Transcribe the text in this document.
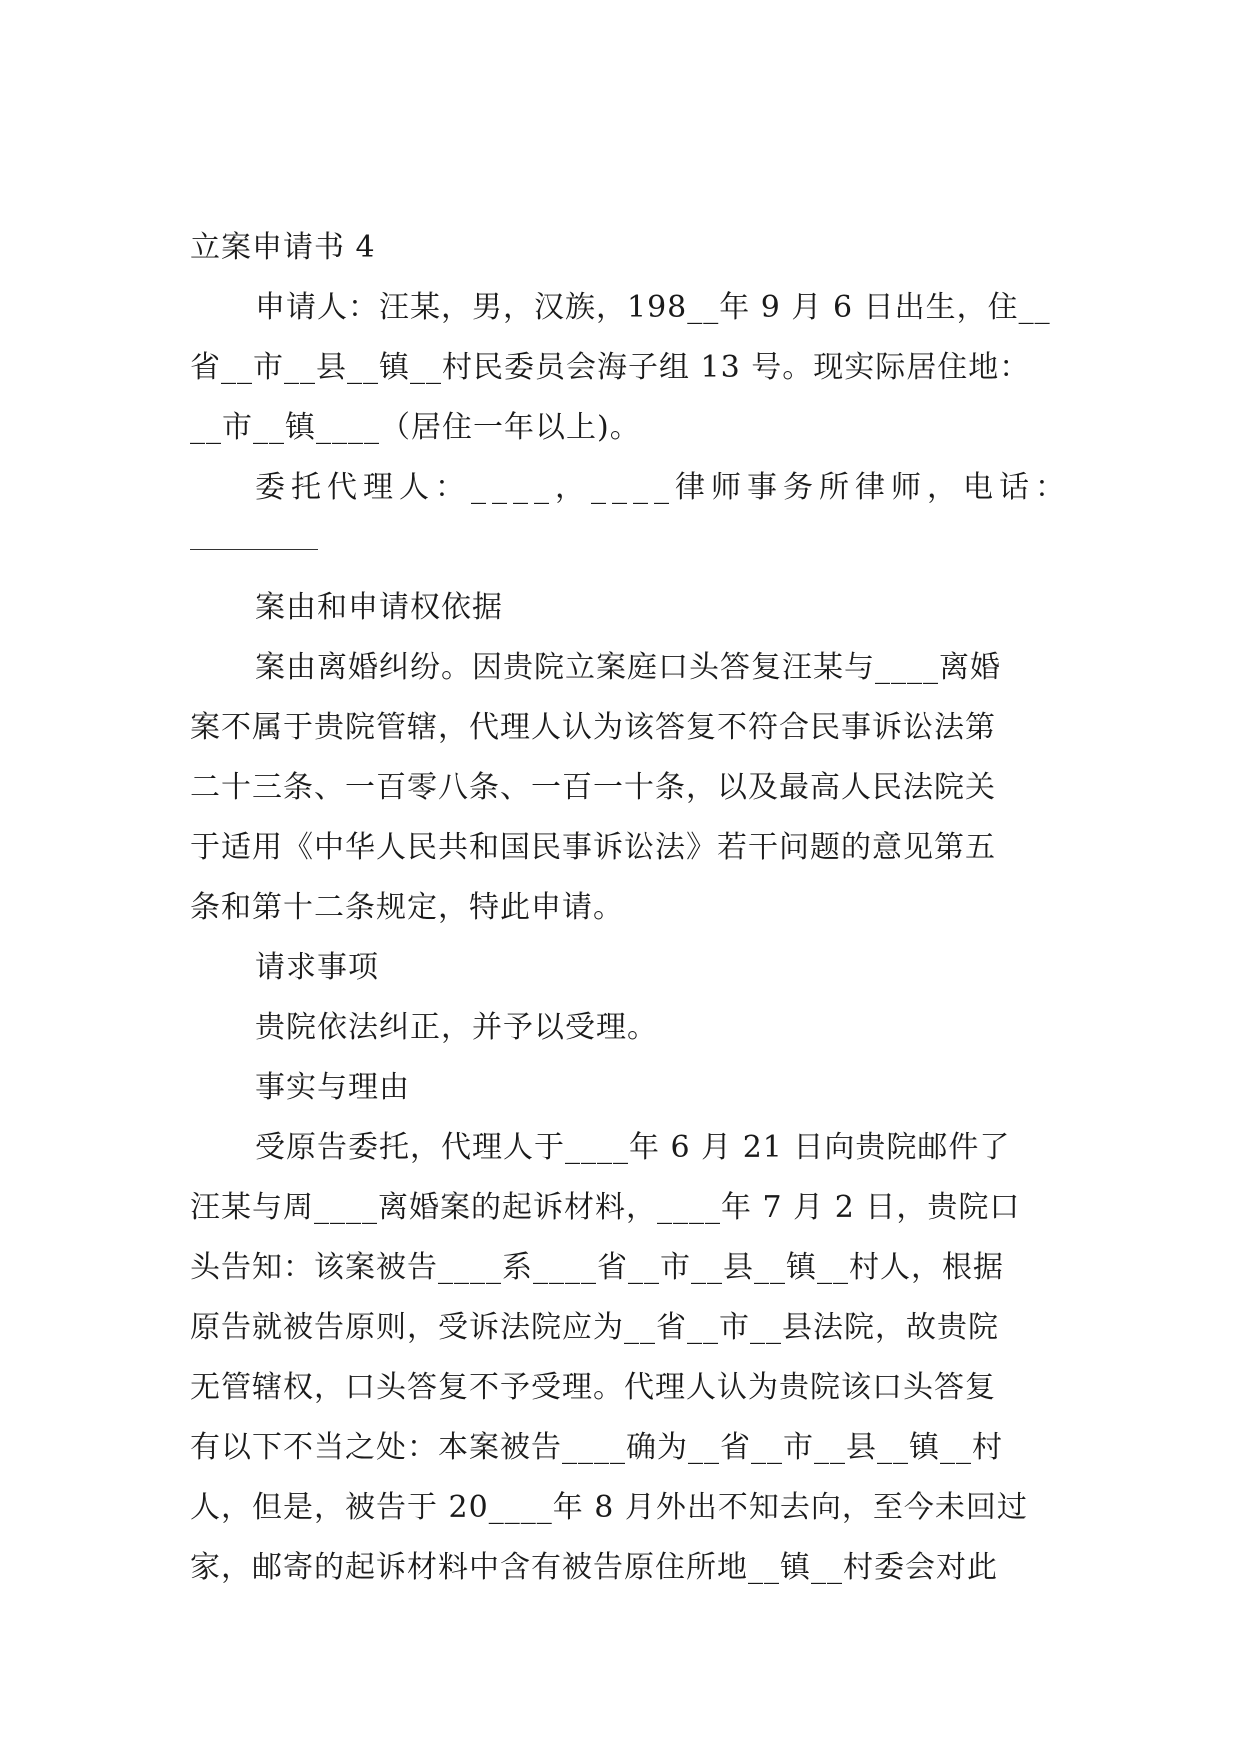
立案申请书 4
申请人：汪某，男，汉族，198__年 9 月 6 日出生，住__
省__市__县__镇__村民委员会海子组 13 号。现实际居住地：
__市__镇____（居住一年以上)。
委托代理人：____，____律师事务所律师，电话：
案由和申请权依据
案由离婚纠纷。因贵院立案庭口头答复汪某与____离婚
案不属于贵院管辖，代理人认为该答复不符合民事诉讼法第
二十三条、一百零八条、一百一十条，以及最高人民法院关
于适用《中华人民共和国民事诉讼法》若干问题的意见第五
条和第十二条规定，特此申请。
请求事项
贵院依法纠正，并予以受理。
事实与理由
受原告委托，代理人于____年 6 月 21 日向贵院邮件了
汪某与周____离婚案的起诉材料，____年 7 月 2 日，贵院口
头告知：该案被告____系____省__市__县__镇__村人，根据
原告就被告原则，受诉法院应为__省__市__县法院，故贵院
无管辖权，口头答复不予受理。代理人认为贵院该口头答复
有以下不当之处：本案被告____确为__省__市__县__镇__村
人，但是，被告于 20____年 8 月外出不知去向，至今未回过
家，邮寄的起诉材料中含有被告原住所地__镇__村委会对此
